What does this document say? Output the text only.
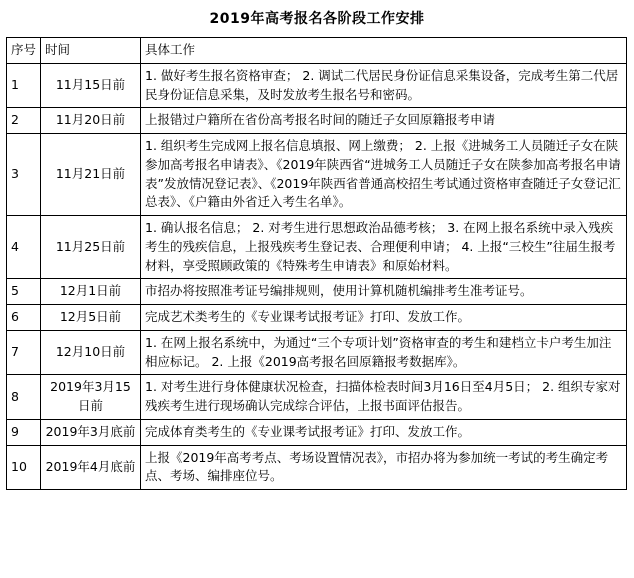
2019年高考报名各阶段工作安排
序号	时间	具体工作
1	11月15日前	1. 做好考生报名资格审查； 2. 调试二代居民身份证信息采集设备，完成考生第二代居民身份证信息采集，及时发放考生报名号和密码。
2	11月20日前	上报错过户籍所在省份高考报名时间的随迁子女回原籍报考申请
3	11月21日前	1. 组织考生完成网上报名信息填报、网上缴费； 2. 上报《进城务工人员随迁子女在陕参加高考报名申请表》、《2019年陕西省“进城务工人员随迁子女在陕参加高考报名申请表”发放情况登记表》、《2019年陕西省普通高校招生考试通过资格审查随迁子女登记汇总表》、《户籍由外省迁入考生名单》。
4	11月25日前	1. 确认报名信息； 2. 对考生进行思想政治品德考核； 3. 在网上报名系统中录入残疾考生的残疾信息，上报残疾考生登记表、合理便利申请； 4. 上报“三校生”往届生报考材料，享受照顾政策的《特殊考生申请表》和原始材料。
5	12月1日前	市招办将按照准考证号编排规则，使用计算机随机编排考生准考证号。
6	12月5日前	完成艺术类考生的《专业课考试报考证》打印、发放工作。
7	12月10日前	1. 在网上报名系统中，为通过“三个专项计划”资格审查的考生和建档立卡户考生加注相应标记。 2. 上报《2019高考报名回原籍报考数据库》。
8	2019年3月15日前	1. 对考生进行身体健康状况检查，扫描体检表时间3月16日至4月5日； 2. 组织专家对残疾考生进行现场确认完成综合评估，上报书面评估报告。
9	2019年3月底前	完成体育类考生的《专业课考试报考证》打印、发放工作。
10	2019年4月底前	上报《2019年高考考点、考场设置情况表》，市招办将为参加统一考试的考生确定考点、考场、编排座位号。
